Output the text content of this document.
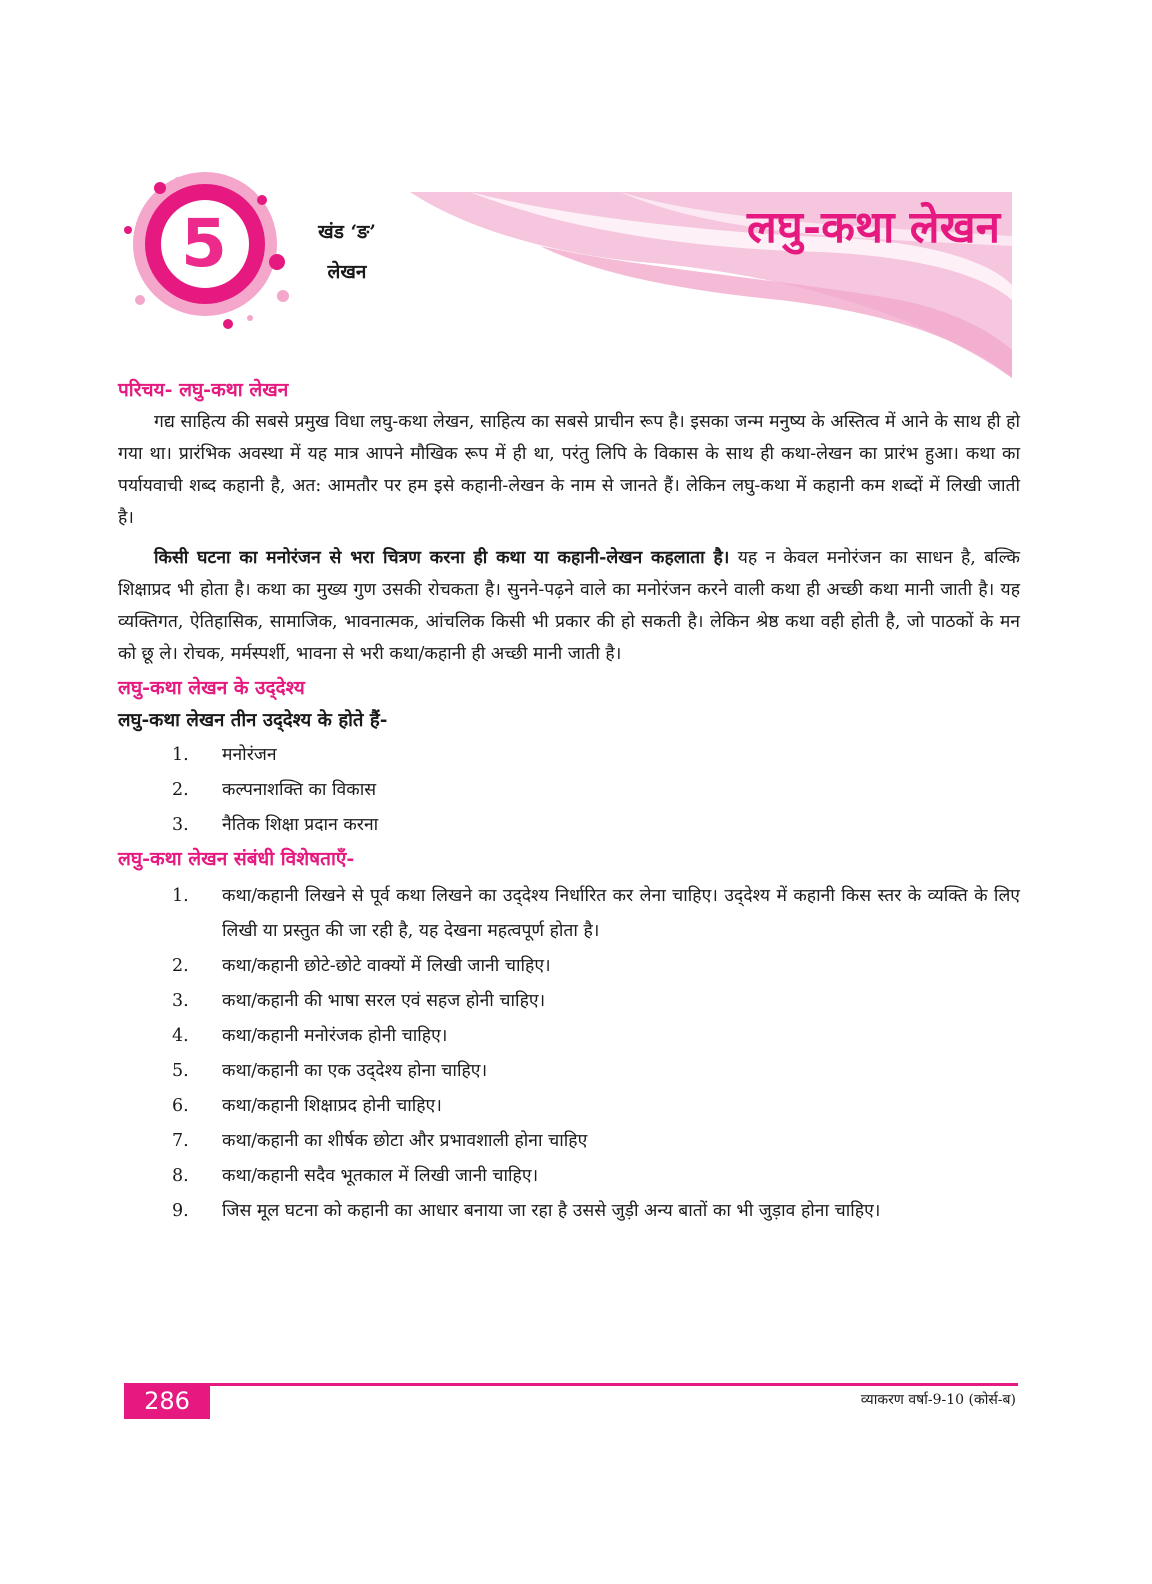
5	खंड ‘ङ’
लेखन
लघु-कथा लेखन
परिचय- लघु-कथा लेखन

गद्य साहित्य की सबसे प्रमुख विधा लघु-कथा लेखन, साहित्य का सबसे प्राचीन रूप है। इसका जन्म मनुष्य के अस्तित्व में आने के साथ ही हो गया था। प्रारंभिक अवस्था में यह मात्र आपने मौखिक रूप में ही था, परंतु लिपि के विकास के साथ ही कथा-लेखन का प्रारंभ हुआ। कथा का पर्यायवाची शब्द कहानी है, अत: आमतौर पर हम इसे कहानी-लेखन के नाम से जानते हैं। लेकिन लघु-कथा में कहानी कम शब्दों में लिखी जाती है।

किसी घटना का मनोरंजन से भरा चित्रण करना ही कथा या कहानी-लेखन कहलाता है। यह न केवल मनोरंजन का साधन है, बल्कि शिक्षाप्रद भी होता है। कथा का मुख्य गुण उसकी रोचकता है। सुनने-पढ़ने वाले का मनोरंजन करने वाली कथा ही अच्छी कथा मानी जाती है। यह व्यक्तिगत, ऐतिहासिक, सामाजिक, भावनात्मक, आंचलिक किसी भी प्रकार की हो सकती है। लेकिन श्रेष्ठ कथा वही होती है, जो पाठकों के मन को छू ले। रोचक, मर्मस्पर्शी, भावना से भरी कथा/कहानी ही अच्छी मानी जाती है।

लघु-कथा लेखन के उद्‌देश्य

लघु-कथा लेखन तीन उद्‌देश्य के होते हैं-

1.	मनोरंजन
2.	कल्पनाशक्ति का विकास
3.	नैतिक शिक्षा प्रदान करना
लघु-कथा लेखन संबंधी विशेषताएँ-
1.	कथा/कहानी लिखने से पूर्व कथा लिखने का उद्‌देश्य निर्धारित कर लेना चाहिए। उद्‌देश्य में कहानी किस स्तर के व्यक्ति के लिए लिखी या प्रस्तुत की जा रही है, यह देखना महत्वपूर्ण होता है।
2.	कथा/कहानी छोटे-छोटे वाक्यों में लिखी जानी चाहिए।
3.	कथा/कहानी की भाषा सरल एवं सहज होनी चाहिए।
4.	कथा/कहानी मनोरंजक होनी चाहिए।
5.	कथा/कहानी का एक उद्‌देश्य होना चाहिए।
6.	कथा/कहानी शिक्षाप्रद होनी चाहिए।
7.	कथा/कहानी का शीर्षक छोटा और प्रभावशाली होना चाहिए
8.	कथा/कहानी सदैव भूतकाल में लिखी जानी चाहिए।
9.	जिस मूल घटना को कहानी का आधार बनाया जा रहा है उससे जुड़ी अन्य बातों का भी जुड़ाव होना चाहिए।
286	व्याकरण वर्षा-9-10 (कोर्स-ब)
